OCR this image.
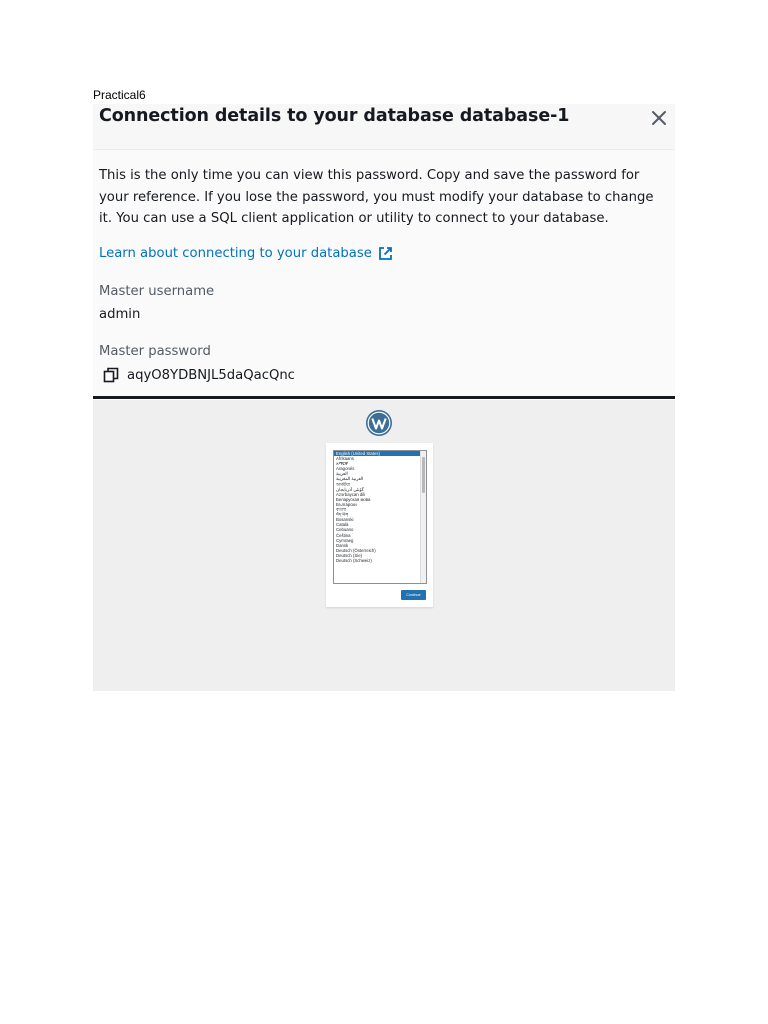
Practical6
Connection details to your database database-1
This is the only time you can view this password. Copy and save the password for your reference. If you lose the password, you must modify your database to change it. You can use a SQL client application or utility to connect to your database.
Learn about connecting to your database
Master username
admin
Master password
aqyO8YDBNJL5daQacQnc
English (United States)
Afrikaans
አማርኛ
Aragonés
العربية
العربية المغربية
অসমীয়া
گؤنئی آذربایجان
Azərbaycan dili
Беларуская мова
Български
বাংলা
བོད་ཡིག
Bosanski
Català
Cebuano
Čeština
Cymraeg
Dansk
Deutsch (Österreich)
Deutsch (Sie)
Deutsch (Schweiz)
Continue
